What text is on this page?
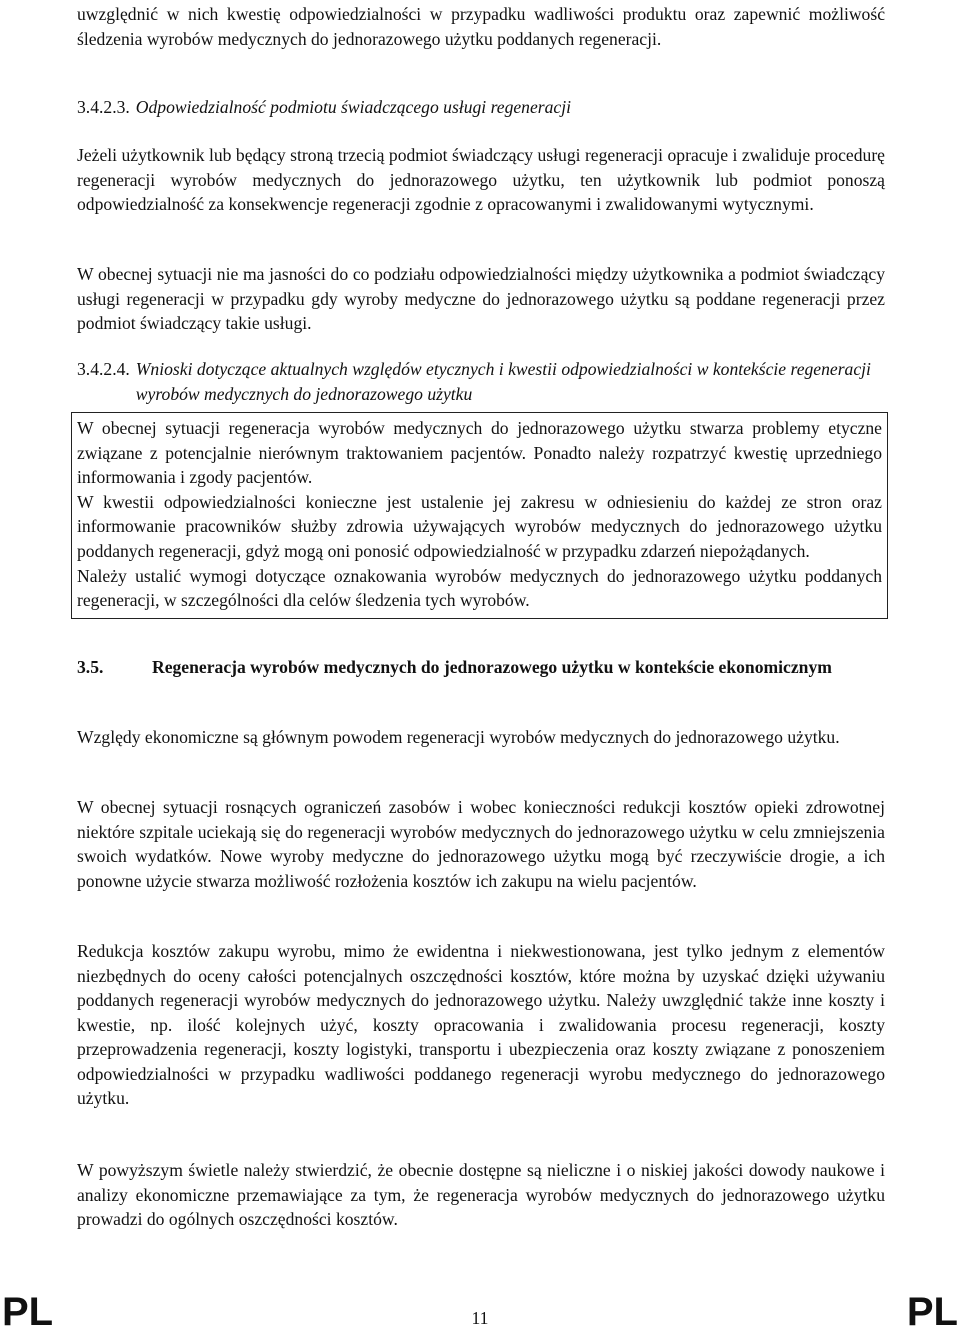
uwzględnić w nich kwestię odpowiedzialności w przypadku wadliwości produktu oraz zapewnić możliwość śledzenia wyrobów medycznych do jednorazowego użytku poddanych regeneracji.

3.4.2.3. Odpowiedzialność podmiotu świadczącego usługi regeneracji

Jeżeli użytkownik lub będący stroną trzecią podmiot świadczący usługi regeneracji opracuje i zwaliduje procedurę regeneracji wyrobów medycznych do jednorazowego użytku, ten użytkownik lub podmiot ponoszą odpowiedzialność za konsekwencje regeneracji zgodnie z opracowanymi i zwalidowanymi wytycznymi.

W obecnej sytuacji nie ma jasności do co podziału odpowiedzialności między użytkownika a podmiot świadczący usługi regeneracji w przypadku gdy wyroby medyczne do jednorazowego użytku są poddane regeneracji przez podmiot świadczący takie usługi.

3.4.2.4. Wnioski dotyczące aktualnych względów etycznych i kwestii odpowiedzialności w kontekście regeneracji wyrobów medycznych do jednorazowego użytku

W obecnej sytuacji regeneracja wyrobów medycznych do jednorazowego użytku stwarza problemy etyczne związane z potencjalnie nierównym traktowaniem pacjentów. Ponadto należy rozpatrzyć kwestię uprzedniego informowania i zgody pacjentów.

W kwestii odpowiedzialności konieczne jest ustalenie jej zakresu w odniesieniu do każdej ze stron oraz informowanie pracowników służby zdrowia używających wyrobów medycznych do jednorazowego użytku poddanych regeneracji, gdyż mogą oni ponosić odpowiedzialność w przypadku zdarzeń niepożądanych.

Należy ustalić wymogi dotyczące oznakowania wyrobów medycznych do jednorazowego użytku poddanych regeneracji, w szczególności dla celów śledzenia tych wyrobów.

3.5.	Regeneracja wyrobów medycznych do jednorazowego użytku w kontekście ekonomicznym

Względy ekonomiczne są głównym powodem regeneracji wyrobów medycznych do jednorazowego użytku.

W obecnej sytuacji rosnących ograniczeń zasobów i wobec konieczności redukcji kosztów opieki zdrowotnej niektóre szpitale uciekają się do regeneracji wyrobów medycznych do jednorazowego użytku w celu zmniejszenia swoich wydatków. Nowe wyroby medyczne do jednorazowego użytku mogą być rzeczywiście drogie, a ich ponowne użycie stwarza możliwość rozłożenia kosztów ich zakupu na wielu pacjentów.

Redukcja kosztów zakupu wyrobu, mimo że ewidentna i niekwestionowana, jest tylko jednym z elementów niezbędnych do oceny całości potencjalnych oszczędności kosztów, które można by uzyskać dzięki używaniu poddanych regeneracji wyrobów medycznych do jednorazowego użytku. Należy uwzględnić także inne koszty i kwestie, np. ilość kolejnych użyć, koszty opracowania i zwalidowania procesu regeneracji, koszty przeprowadzenia regeneracji, koszty logistyki, transportu i ubezpieczenia oraz koszty związane z ponoszeniem odpowiedzialności w przypadku wadliwości poddanego regeneracji wyrobu medycznego do jednorazowego użytku.

W powyższym świetle należy stwierdzić, że obecnie dostępne są nieliczne i o niskiej jakości dowody naukowe i analizy ekonomiczne przemawiające za tym, że regeneracja wyrobów medycznych do jednorazowego użytku prowadzi do ogólnych oszczędności kosztów.

PL	11	PL
